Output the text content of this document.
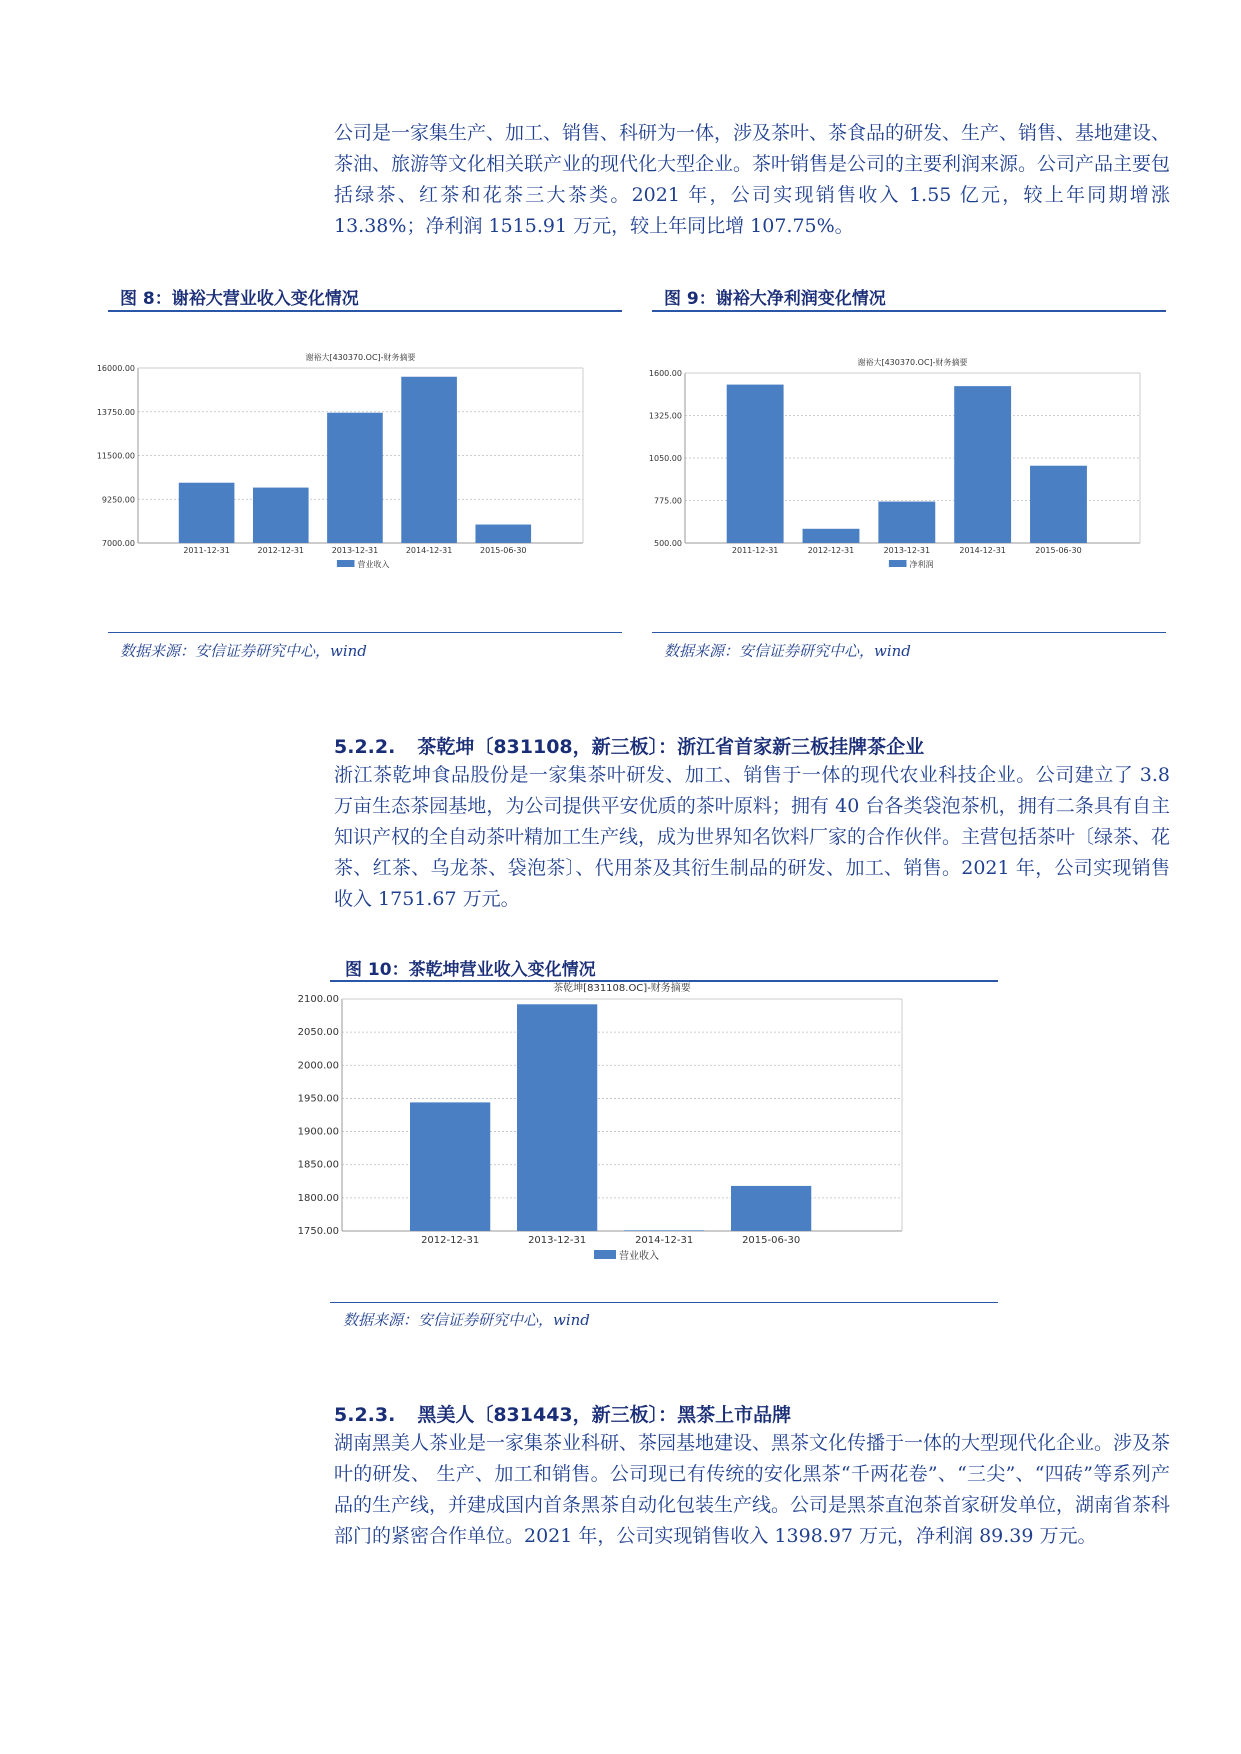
公司是一家集生产、加工、销售、科研为一体，涉及茶叶、茶食品的研发、生产、销售、基地建设、茶油、旅游等文化相关联产业的现代化大型企业。茶叶销售是公司的主要利润来源。公司产品主要包括绿茶、红茶和花茶三大茶类。2021 年，公司实现销售收入 1.55 亿元，较上年同期增涨 13.38%；净利润 1515.91 万元，较上年同比增 107.75%。

图 8：谢裕大营业收入变化情况
谢裕大[430370.OC]-财务摘要
16000.00
13750.00
11500.00
9250.00
7000.00
2011-12-31	2012-12-31	2013-12-31	2014-12-31	2015-06-30
营业收入
数据来源：安信证券研究中心，wind
图 9：谢裕大净利润变化情况
谢裕大[430370.OC]-财务摘要
1600.00
1325.00
1050.00
775.00
500.00
2011-12-31	2012-12-31	2013-12-31	2014-12-31	2015-06-30
净利润
数据来源：安信证券研究中心，wind
5.2.2. 茶乾坤〔831108，新三板〕：浙江省首家新三板挂牌茶企业

浙江茶乾坤食品股份是一家集茶叶研发、加工、销售于一体的现代农业科技企业。公司建立了 3.8 万亩生态茶园基地，为公司提供平安优质的茶叶原料；拥有 40 台各类袋泡茶机，拥有二条具有自主知识产权的全自动茶叶精加工生产线，成为世界知名饮料厂家的合作伙伴。主营包括茶叶〔绿茶、花茶、红茶、乌龙茶、袋泡茶〕、代用茶及其衍生制品的研发、加工、销售。2021 年，公司实现销售收入 1751.67 万元。

图 10：茶乾坤营业收入变化情况
茶乾坤[831108.OC]-财务摘要
2100.00
2050.00
2000.00
1950.00
1900.00
1850.00
1800.00
1750.00
2012-12-31	2013-12-31	2014-12-31	2015-06-30
营业收入
数据来源：安信证券研究中心，wind
5.2.3. 黑美人〔831443，新三板〕：黑茶上市品牌

湖南黑美人茶业是一家集茶业科研、茶园基地建设、黑茶文化传播于一体的大型现代化企业。涉及茶叶的研发、 生产、加工和销售。公司现已有传统的安化黑茶“千两花卷”、“三尖”、“四砖”等系列产品的生产线，并建成国内首条黑茶自动化包装生产线。公司是黑茶直泡茶首家研发单位，湖南省茶科部门的紧密合作单位。2021 年，公司实现销售收入 1398.97 万元，净利润 89.39 万元。
